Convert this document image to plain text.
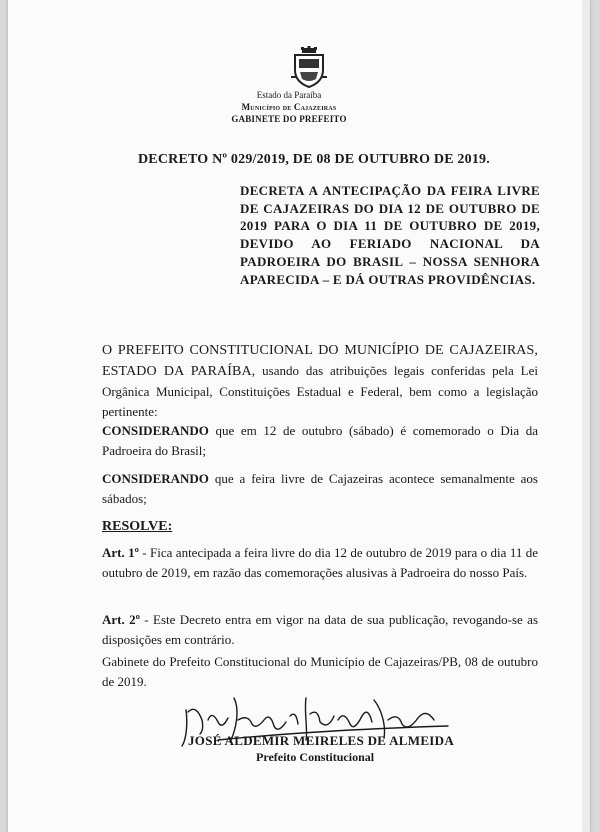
Estado da Paraíba

Município de Cajazeiras

GABINETE DO PREFEITO

DECRETO Nº 029/2019, DE 08 DE OUTUBRO DE 2019.

DECRETA A ANTECIPAÇÃO DA FEIRA LIVRE DE CAJAZEIRAS DO DIA 12 DE OUTUBRO DE 2019 PARA O DIA 11 DE OUTUBRO DE 2019, DEVIDO AO FERIADO NACIONAL DA PADROEIRA DO BRASIL – NOSSA SENHORA APARECIDA – E DÁ OUTRAS PROVIDÊNCIAS.

O PREFEITO CONSTITUCIONAL DO MUNICÍPIO DE CAJAZEIRAS, ESTADO DA PARAÍBA, usando das atribuições legais conferidas pela Lei Orgânica Municipal, Constituições Estadual e Federal, bem como a legislação pertinente:

CONSIDERANDO que em 12 de outubro (sábado) é comemorado o Dia da Padroeira do Brasil;

CONSIDERANDO que a feira livre de Cajazeiras acontece semanalmente aos sábados;

RESOLVE:

Art. 1º - Fica antecipada a feira livre do dia 12 de outubro de 2019 para o dia 11 de outubro de 2019, em razão das comemorações alusivas à Padroeira do nosso País.

Art. 2º - Este Decreto entra em vigor na data de sua publicação, revogando-se as disposições em contrário.

Gabinete do Prefeito Constitucional do Município de Cajazeiras/PB, 08 de outubro de 2019.

JOSÉ ALDEMIR MEIRELES DE ALMEIDA

Prefeito Constitucional
